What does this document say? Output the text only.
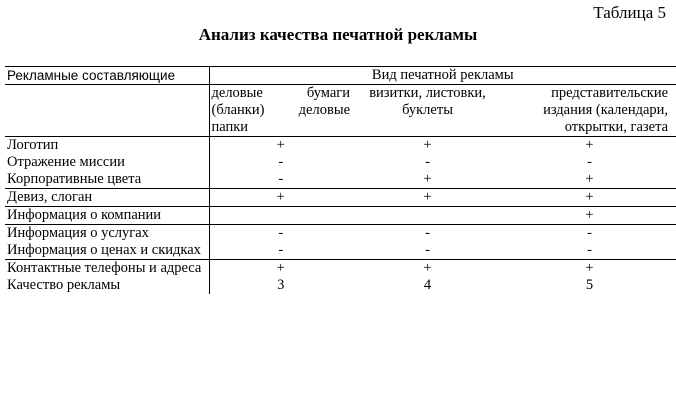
Таблица 5
Анализ качества печатной рекламы
Рекламные составляющие	Вид печатной рекламы		
	деловые бумаги (бланки) деловые папки	визитки, листовки, буклеты	представительские издания (календари, открытки, газета
Логотип	+	+	+
Отражение миссии	-	-	-
Корпоративные цвета	-	+	+
Девиз, слоган	+	+	+
Информация о компании			+
Информация о услугах	-	-	-
Информация о ценах и скидках	-	-	-
Контактные телефоны и адреса	+	+	+
Качество рекламы	3	4	5
